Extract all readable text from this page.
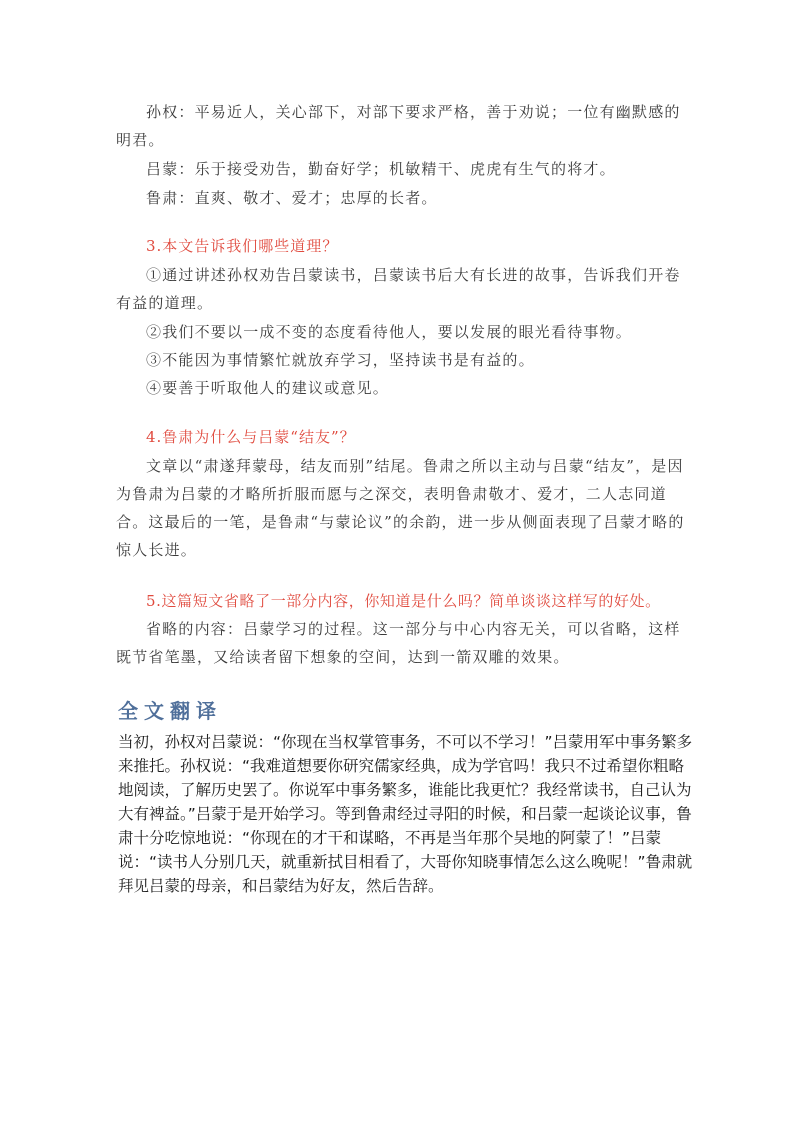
孙权：平易近人，关心部下，对部下要求严格，善于劝说；一位有幽默感的明君。

吕蒙：乐于接受劝告，勤奋好学；机敏精干、虎虎有生气的将才。

鲁肃：直爽、敬才、爱才；忠厚的长者。

3.本文告诉我们哪些道理？

①通过讲述孙权劝告吕蒙读书，吕蒙读书后大有长进的故事，告诉我们开卷有益的道理。

②我们不要以一成不变的态度看待他人，要以发展的眼光看待事物。

③不能因为事情繁忙就放弃学习，坚持读书是有益的。

④要善于听取他人的建议或意见。

4.鲁肃为什么与吕蒙“结友”？

文章以“肃遂拜蒙母，结友而别”结尾。鲁肃之所以主动与吕蒙“结友”，是因为鲁肃为吕蒙的才略所折服而愿与之深交，表明鲁肃敬才、爱才，二人志同道合。这最后的一笔，是鲁肃“与蒙论议”的余韵，进一步从侧面表现了吕蒙才略的惊人长进。

5.这篇短文省略了一部分内容，你知道是什么吗？简单谈谈这样写的好处。

省略的内容：吕蒙学习的过程。这一部分与中心内容无关，可以省略，这样既节省笔墨，又给读者留下想象的空间，达到一箭双雕的效果。

全文翻译

当初，孙权对吕蒙说：“你现在当权掌管事务，不可以不学习！”吕蒙用军中事务繁多来推托。孙权说：“我难道想要你研究儒家经典，成为学官吗！我只不过希望你粗略地阅读，了解历史罢了。你说军中事务繁多，谁能比我更忙？我经常读书，自己认为大有裨益。”吕蒙于是开始学习。等到鲁肃经过寻阳的时候，和吕蒙一起谈论议事，鲁肃十分吃惊地说：“你现在的才干和谋略，不再是当年那个吴地的阿蒙了！”吕蒙说：“读书人分别几天，就重新拭目相看了，大哥你知晓事情怎么这么晚呢！”鲁肃就拜见吕蒙的母亲，和吕蒙结为好友，然后告辞。
